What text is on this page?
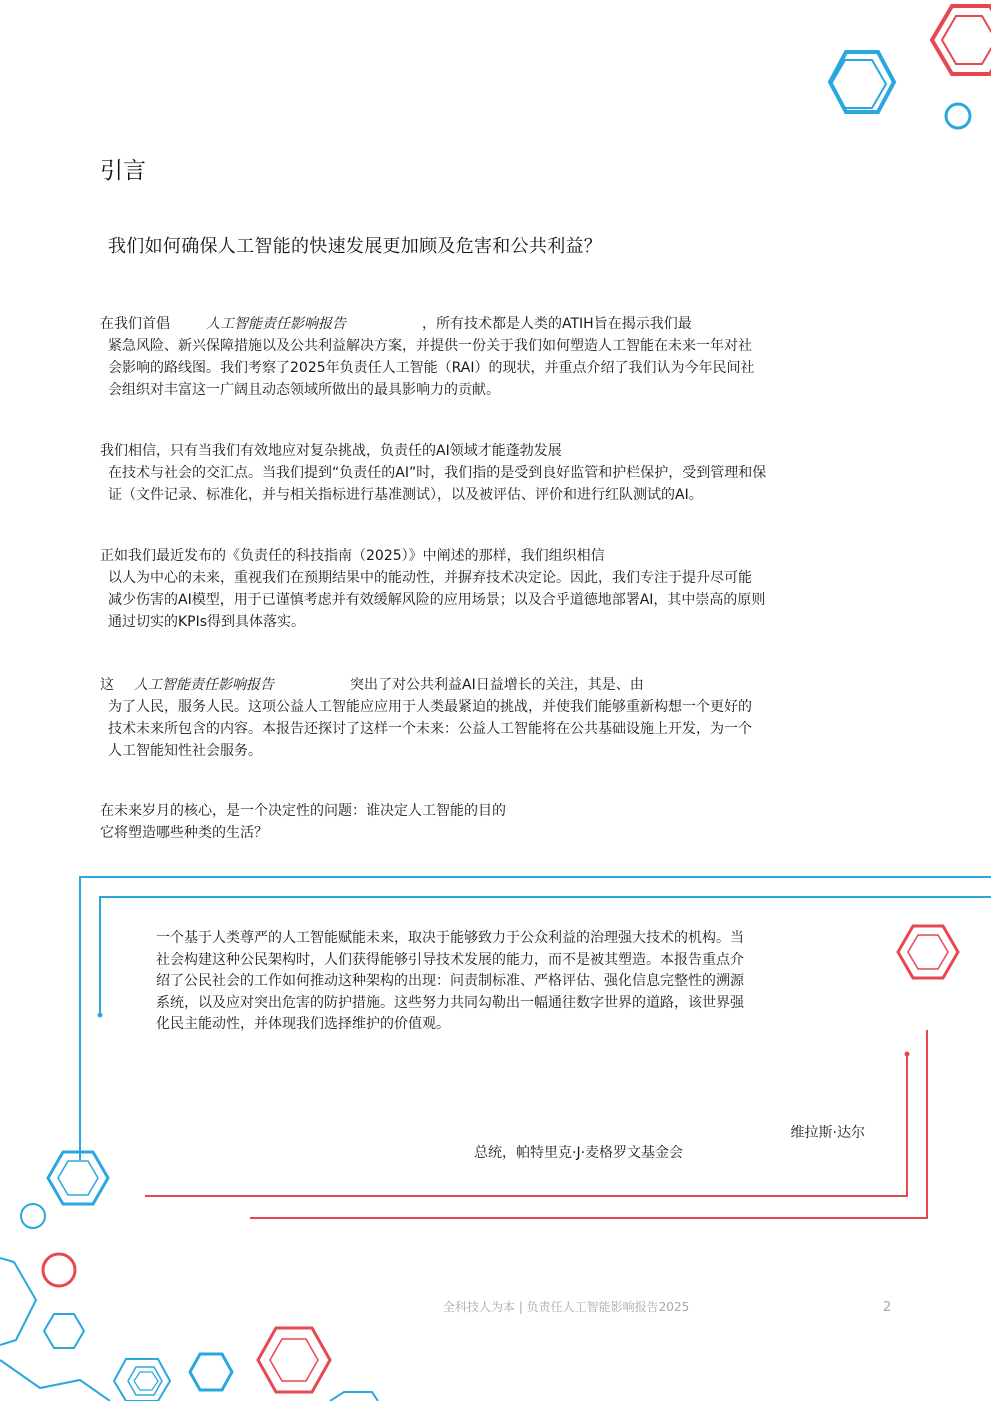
引言
我们如何确保人工智能的快速发展更加顾及危害和公共利益？
在我们首倡	人工智能责任影响报告	，所有技术都是人类的ATIH旨在揭示我们最
紧急风险、新兴保障措施以及公共利益解决方案，并提供一份关于我们如何塑造人工智能在未来一年对社
会影响的路线图。我们考察了2025年负责任人工智能（RAI）的现状，并重点介绍了我们认为今年民间社
会组织对丰富这一广阔且动态领域所做出的最具影响力的贡献。
我们相信，只有当我们有效地应对复杂挑战，负责任的AI领域才能蓬勃发展
在技术与社会的交汇点。当我们提到“负责任的AI”时，我们指的是受到良好监管和护栏保护，受到管理和保
证（文件记录、标准化，并与相关指标进行基准测试），以及被评估、评价和进行红队测试的AI。
正如我们最近发布的《负责任的科技指南（2025）》中阐述的那样，我们组织相信
以人为中心的未来，重视我们在预期结果中的能动性，并摒弃技术决定论。因此，我们专注于提升尽可能
减少伤害的AI模型，用于已谨慎考虑并有效缓解风险的应用场景；以及合乎道德地部署AI，其中崇高的原则
通过切实的KPIs得到具体落实。
这 人工智能责任影响报告	突出了对公共利益AI日益增长的关注，其是、由
为了人民，服务人民。这项公益人工智能应应用于人类最紧迫的挑战，并使我们能够重新构想一个更好的
技术未来所包含的内容。本报告还探讨了这样一个未来：公益人工智能将在公共基础设施上开发，为一个
人工智能知性社会服务。
在未来岁月的核心，是一个决定性的问题：谁决定人工智能的目的
它将塑造哪些种类的生活？
一个基于人类尊严的人工智能赋能未来，取决于能够致力于公众利益的治理强大技术的机构。当
社会构建这种公民架构时，人们获得能够引导技术发展的能力，而不是被其塑造。本报告重点介
绍了公民社会的工作如何推动这种架构的出现：问责制标准、严格评估、强化信息完整性的溯源
系统，以及应对突出危害的防护措施。这些努力共同勾勒出一幅通往数字世界的道路，该世界强
化民主能动性，并体现我们选择维护的价值观。
维拉斯·达尔
总统，帕特里克·J·麦格罗文基金会
全科技人为本 | 负责任人工智能影响报告2025	2
